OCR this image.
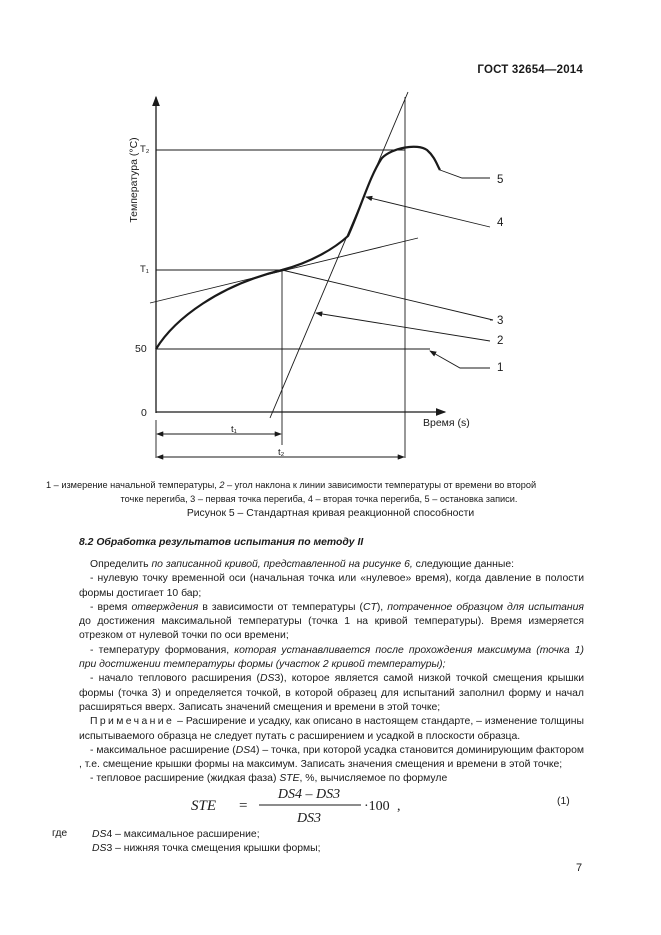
ГОСТ 32654—2014
Температура (°C)
Время (s)
0
50
T₁
T₂
t₁
t₂
5
4
3
2
1
1 – измерение начальной температуры, 2 – угол наклона к линии зависимости температуры от времени во второй
точке перегиба, 3 – первая точка перегиба, 4 – вторая точка перегиба, 5 – остановка записи.
Рисунок 5 – Стандартная кривая реакционной способности
8.2 Обработка результатов испытания по методу II

Определить по записанной кривой, представленной на рисунке 6, следующие данные:

- нулевую точку временной оси (начальная точка или «нулевое» время), когда давление в полости формы достигает 10 бар;

- время отверждения в зависимости от температуры (CT), потраченное образцом для испытания до достижения максимальной температуры (точка 1 на кривой температуры). Время измеряется отрезком от нулевой точки по оси времени;

- температуру формования, которая устанавливается после прохождения максимума (точка 1) при достижении температуры формы (участок 2 кривой температуры);

- начало теплового расширения (DS3), которое является самой низкой точкой смещения крышки формы (точка 3) и определяется точкой, в которой образец для испытаний заполнил форму и начал расширяться вверх. Записать значений смещения и времени в этой точке;

Примечание – Расширение и усадку, как описано в настоящем стандарте, – изменение толщины испытываемого образца не следует путать с расширением и усадкой в плоскости образца.

- максимальное расширение (DS4) – точка, при которой усадка становится доминирующим фактором , т.е. смещение крышки формы на максимум. Записать значения смещения и времени в этой точке;

- тепловое расширение (жидкая фаза) STE, %, вычисляемое по формуле

STE =
DS4 – DS3
DS3
·100 ,	(1)
где DS4 – максимальное расширение;
DS3 – нижняя точка смещения крышки формы;
7
